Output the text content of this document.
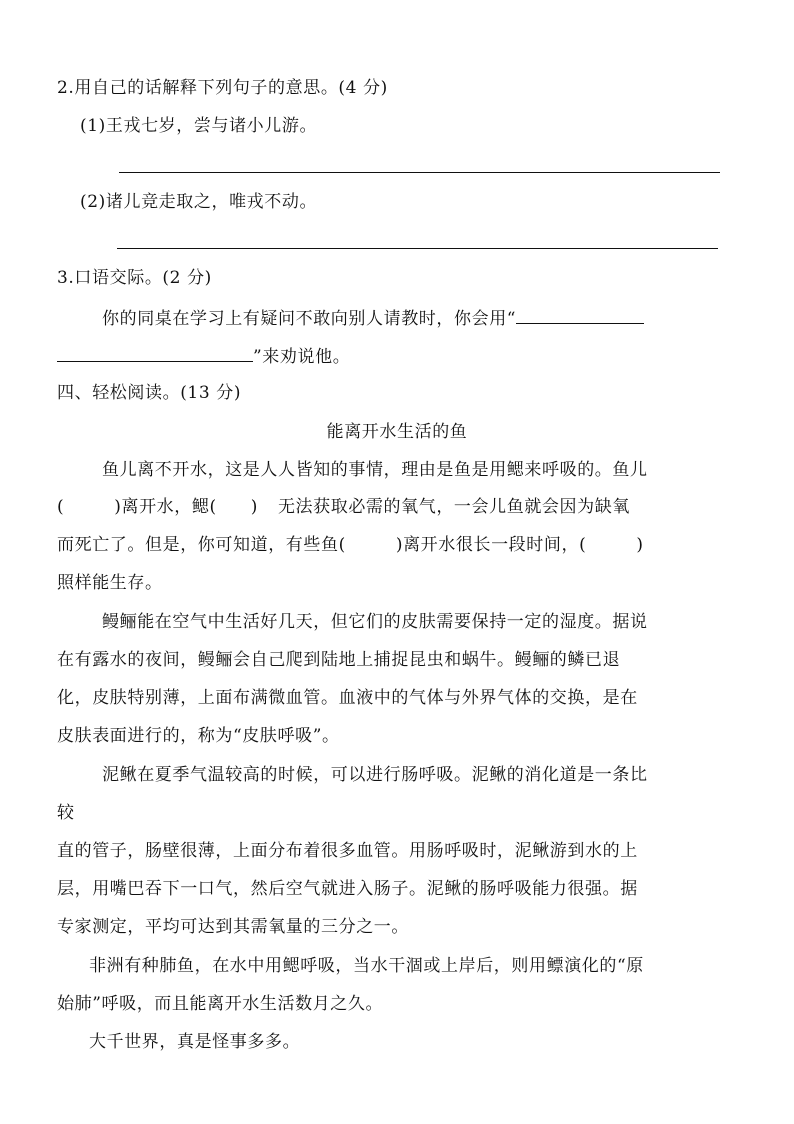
2.用自己的话解释下列句子的意思。(4 分)
(1)王戎七岁，尝与诸小儿游。
(2)诸儿竞走取之，唯戎不动。
3.口语交际。(2 分)
你的同桌在学习上有疑问不敢向别人请教时，你会用“
”来劝说他。
四、轻松阅读。(13 分)
能离开水生活的鱼
鱼儿离不开水，这是人人皆知的事情，理由是鱼是用鳃来呼吸的。鱼儿
(	)离开水，鳃( ) 无法获取必需的氧气，一会儿鱼就会因为缺氧
而死亡了。但是，你可知道，有些鱼(	)离开水很长一段时间，(	)
照样能生存。
鳗鲡能在空气中生活好几天，但它们的皮肤需要保持一定的湿度。据说
在有露水的夜间，鳗鲡会自己爬到陆地上捕捉昆虫和蜗牛。鳗鲡的鳞已退
化，皮肤特别薄，上面布满微血管。血液中的气体与外界气体的交换，是在
皮肤表面进行的，称为“皮肤呼吸”。
泥鳅在夏季气温较高的时候，可以进行肠呼吸。泥鳅的消化道是一条比
较
直的管子，肠壁很薄，上面分布着很多血管。用肠呼吸时，泥鳅游到水的上
层，用嘴巴吞下一口气，然后空气就进入肠子。泥鳅的肠呼吸能力很强。据
专家测定，平均可达到其需氧量的三分之一。
非洲有种肺鱼，在水中用鳃呼吸，当水干涸或上岸后，则用鳔演化的“原
始肺”呼吸，而且能离开水生活数月之久。
大千世界，真是怪事多多。
